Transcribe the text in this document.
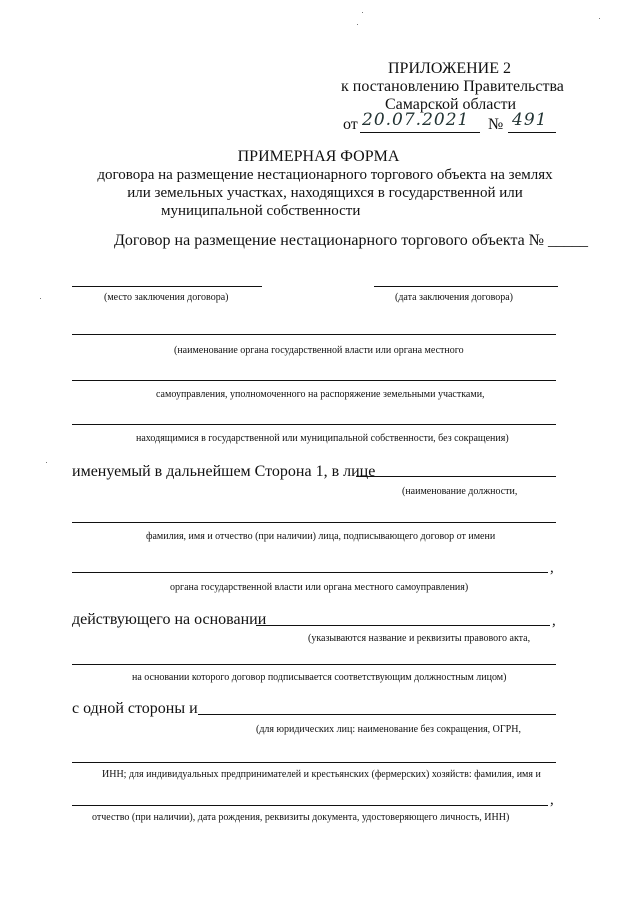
ПРИЛОЖЕНИЕ 2
к постановлению Правительства
Самарской области
от 20.07.2021 № 491
ПРИМЕРНАЯ ФОРМА
договора на размещение нестационарного торгового объекта на землях
или земельных участках, находящихся в государственной или
муниципальной собственности
Договор на размещение нестационарного торгового объекта № _____
(место заключения договора)	(дата заключения договора)
(наименование органа государственной власти или органа местного
самоуправления, уполномоченного на распоряжение земельными участками,
находящимися в государственной или муниципальной собственности, без сокращения)
именуемый в дальнейшем Сторона 1, в лице
(наименование должности,
фамилия, имя и отчество (при наличии) лица, подписывающего договор от имени
,
органа государственной власти или органа местного самоуправления)
действующего на основании	,
(указываются название и реквизиты правового акта,
на основании которого договор подписывается соответствующим должностным лицом)
с одной стороны и
(для юридических лиц: наименование без сокращения, ОГРН,
ИНН; для индивидуальных предпринимателей и крестьянских (фермерских) хозяйств: фамилия, имя и
,
отчество (при наличии), дата рождения, реквизиты документа, удостоверяющего личность, ИНН)
